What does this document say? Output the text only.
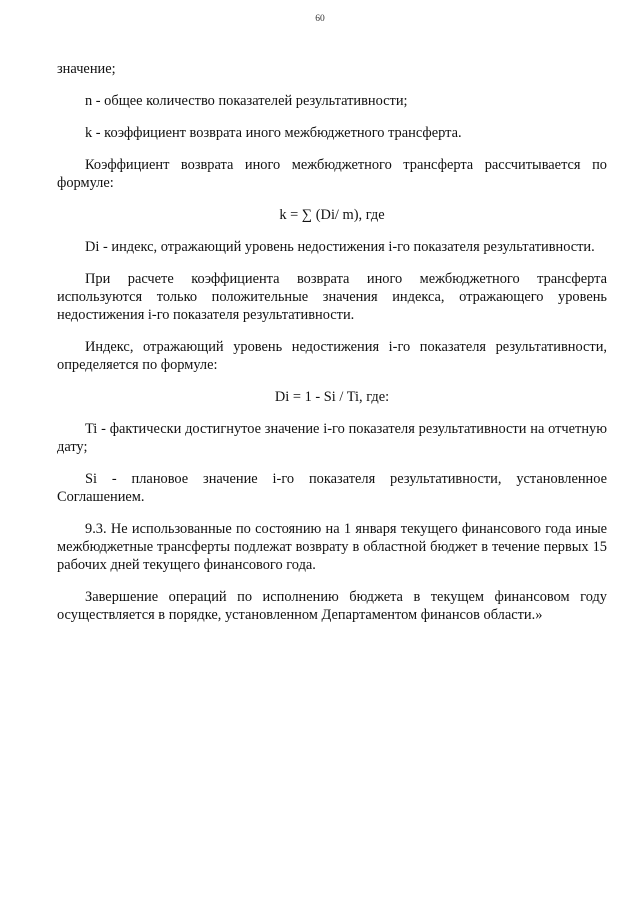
60

значение;

n - общее количество показателей результативности;

k - коэффициент возврата иного межбюджетного трансферта.

Коэффициент возврата иного межбюджетного трансферта рассчитывается по формуле:

k = ∑ (Di/ m), где

Di - индекс, отражающий уровень недостижения i-го показателя результативности.

При расчете коэффициента возврата иного межбюджетного трансферта используются только положительные значения индекса, отражающего уровень недостижения i-го показателя результативности.

Индекс, отражающий уровень недостижения i-го показателя результативности, определяется по формуле:

Di = 1 - Si / Ti, где:

Ti - фактически достигнутое значение i-го показателя результативности на отчетную дату;

Si - плановое значение i-го показателя результативности, установленное Соглашением.

9.3. Не использованные по состоянию на 1 января текущего финансового года иные межбюджетные трансферты подлежат возврату в областной бюджет в течение первых 15 рабочих дней текущего финансового года.

Завершение операций по исполнению бюджета в текущем финансовом году осуществляется в порядке, установленном Департаментом финансов области.»
